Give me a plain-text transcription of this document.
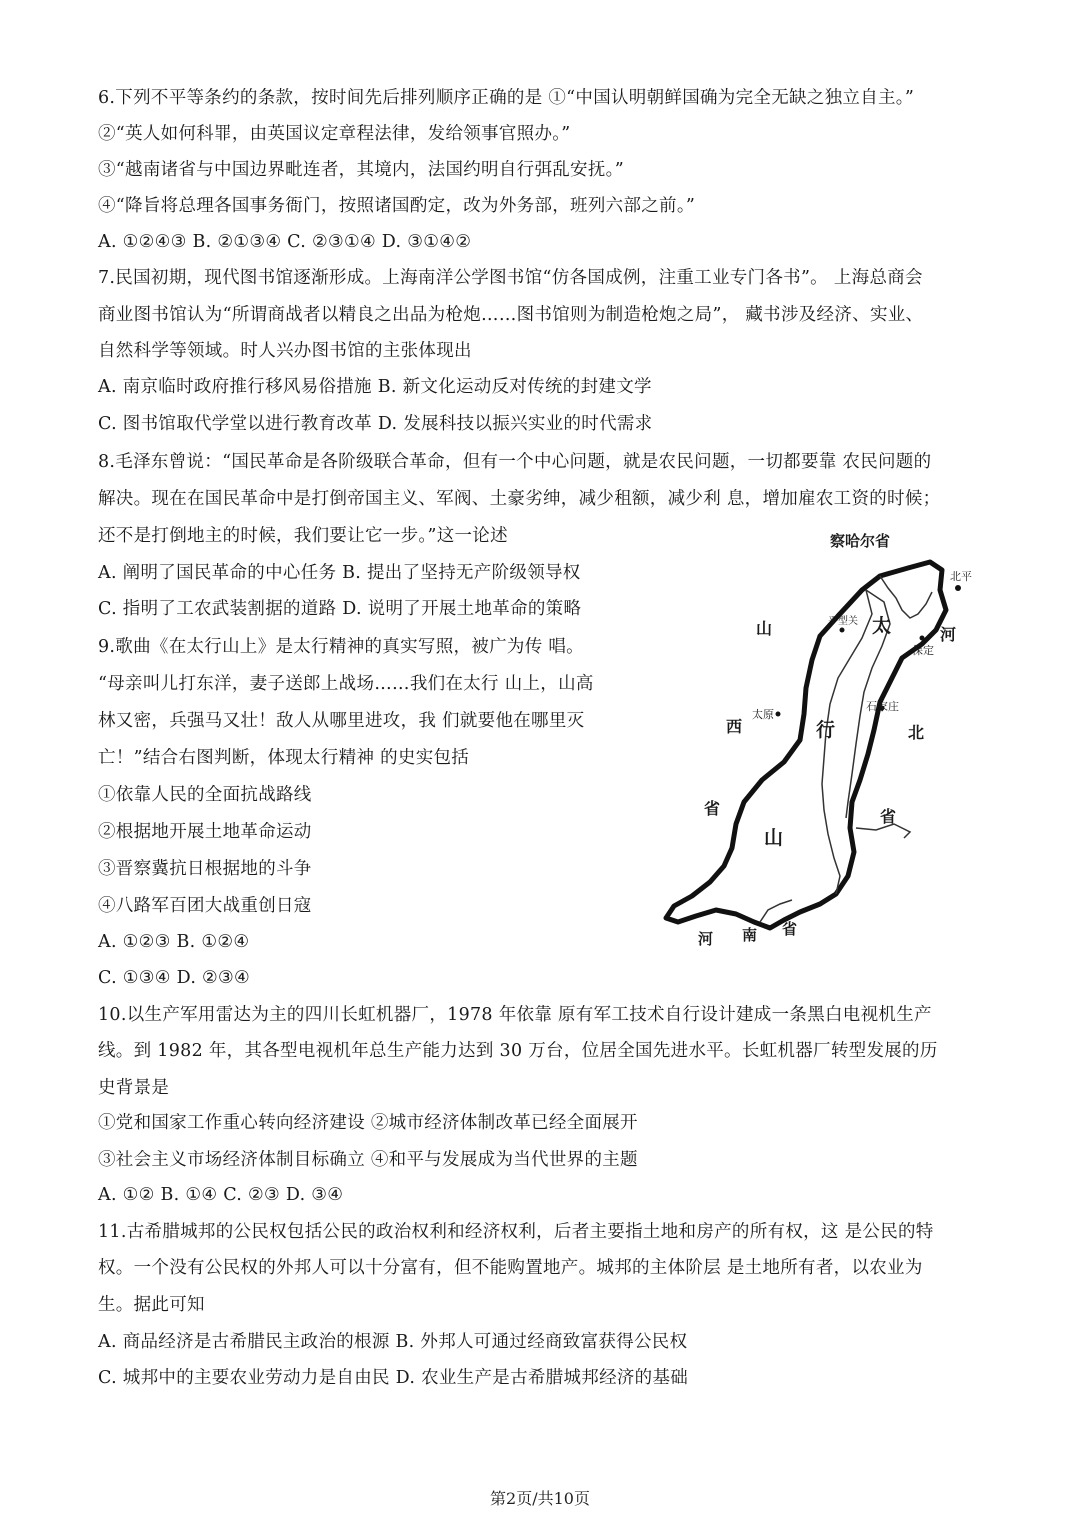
6.下列不平等条约的条款，按时间先后排列顺序正确的是 ①“中国认明朝鲜国确为完全无缺之独立自主。”
②“英人如何科罪，由英国议定章程法律，发给领事官照办。”
③“越南诸省与中国边界毗连者，其境内，法国约明自行弭乱安抚。”
④“降旨将总理各国事务衙门，按照诸国酌定，改为外务部，班列六部之前。”
A. ①②④③ B. ②①③④ C. ②③①④ D. ③①④②
7.民国初期，现代图书馆逐渐形成。上海南洋公学图书馆“仿各国成例，注重工业专门各书”。 上海总商会
商业图书馆认为“所谓商战者以精良之出品为枪炮……图书馆则为制造枪炮之局”， 藏书涉及经济、实业、
自然科学等领域。时人兴办图书馆的主张体现出
A. 南京临时政府推行移风易俗措施 B. 新文化运动反对传统的封建文学
C. 图书馆取代学堂以进行教育改革 D. 发展科技以振兴实业的时代需求
8.毛泽东曾说：“国民革命是各阶级联合革命，但有一个中心问题，就是农民问题，一切都要靠 农民问题的
解决。现在在国民革命中是打倒帝国主义、军阀、土豪劣绅，减少租额，减少利 息，增加雇农工资的时候；
还不是打倒地主的时候，我们要让它一步。”这一论述
A. 阐明了国民革命的中心任务 B. 提出了坚持无产阶级领导权
C. 指明了工农武装割据的道路 D. 说明了开展土地革命的策略
9.歌曲《在太行山上》是太行精神的真实写照，被广为传 唱。
“母亲叫儿打东洋，妻子送郎上战场……我们在太行 山上，山高
林又密，兵强马又壮！敌人从哪里进攻，我 们就要他在哪里灭
亡！”结合右图判断，体现太行精神 的史实包括
①依靠人民的全面抗战路线
②根据地开展土地革命运动
③晋察冀抗日根据地的斗争
④八路军百团大战重创日寇
A. ①②③ B. ①②④
C. ①③④ D. ②③④
察哈尔省
北平
平型关 太
山	河
保定
石家庄
太原
西	行	北
省	省
山
河 南 省
10.以生产军用雷达为主的四川长虹机器厂，1978 年依靠 原有军工技术自行设计建成一条黑白电视机生产
线。到 1982 年，其各型电视机年总生产能力达到 30 万台，位居全国先进水平。长虹机器厂转型发展的历
史背景是
①党和国家工作重心转向经济建设 ②城市经济体制改革已经全面展开
③社会主义市场经济体制目标确立 ④和平与发展成为当代世界的主题
A. ①② B. ①④ C. ②③ D. ③④
11.古希腊城邦的公民权包括公民的政治权利和经济权利，后者主要指土地和房产的所有权，这 是公民的特
权。一个没有公民权的外邦人可以十分富有，但不能购置地产。城邦的主体阶层 是土地所有者，以农业为
生。据此可知
A. 商品经济是古希腊民主政治的根源 B. 外邦人可通过经商致富获得公民权
C. 城邦中的主要农业劳动力是自由民 D. 农业生产是古希腊城邦经济的基础
第2页/共10页
